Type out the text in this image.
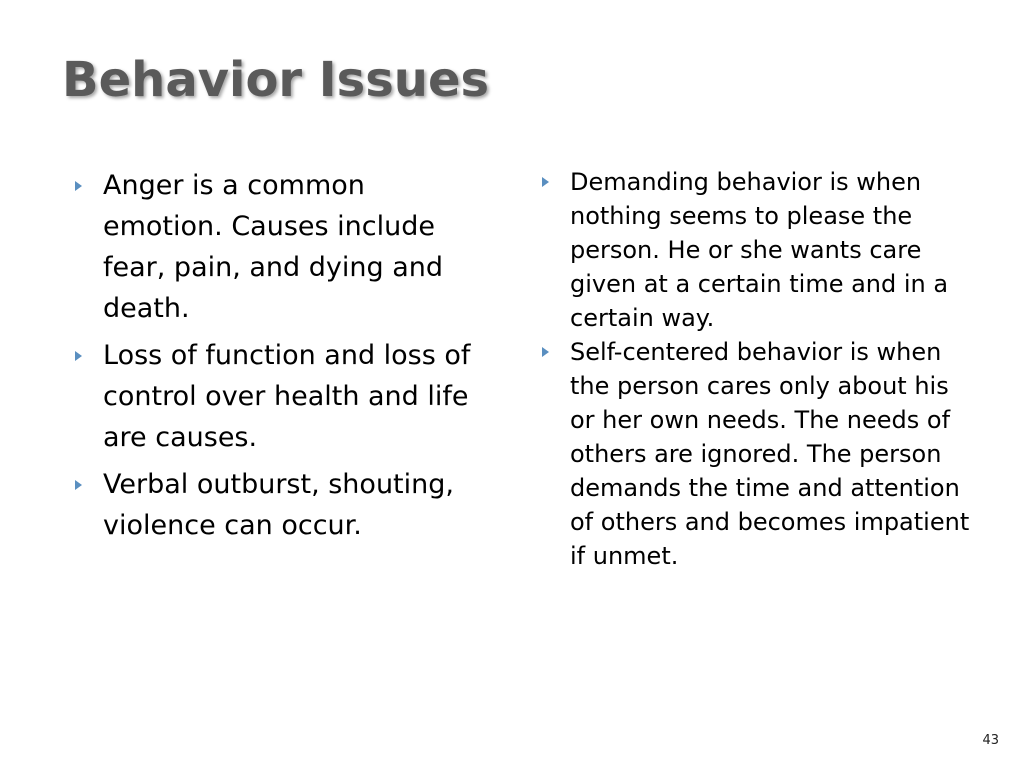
Behavior Issues
Anger is a common emotion. Causes include fear, pain, and dying and death.
Loss of function and loss of control over health and life are causes.
Verbal outburst, shouting, violence can occur.
Demanding behavior is when nothing seems to please the person. He or she wants care given at a certain time and in a certain way.
Self-centered behavior is when the person cares only about his or her own needs. The needs of others are ignored. The person demands the time and attention of others and becomes impatient if unmet.
43
